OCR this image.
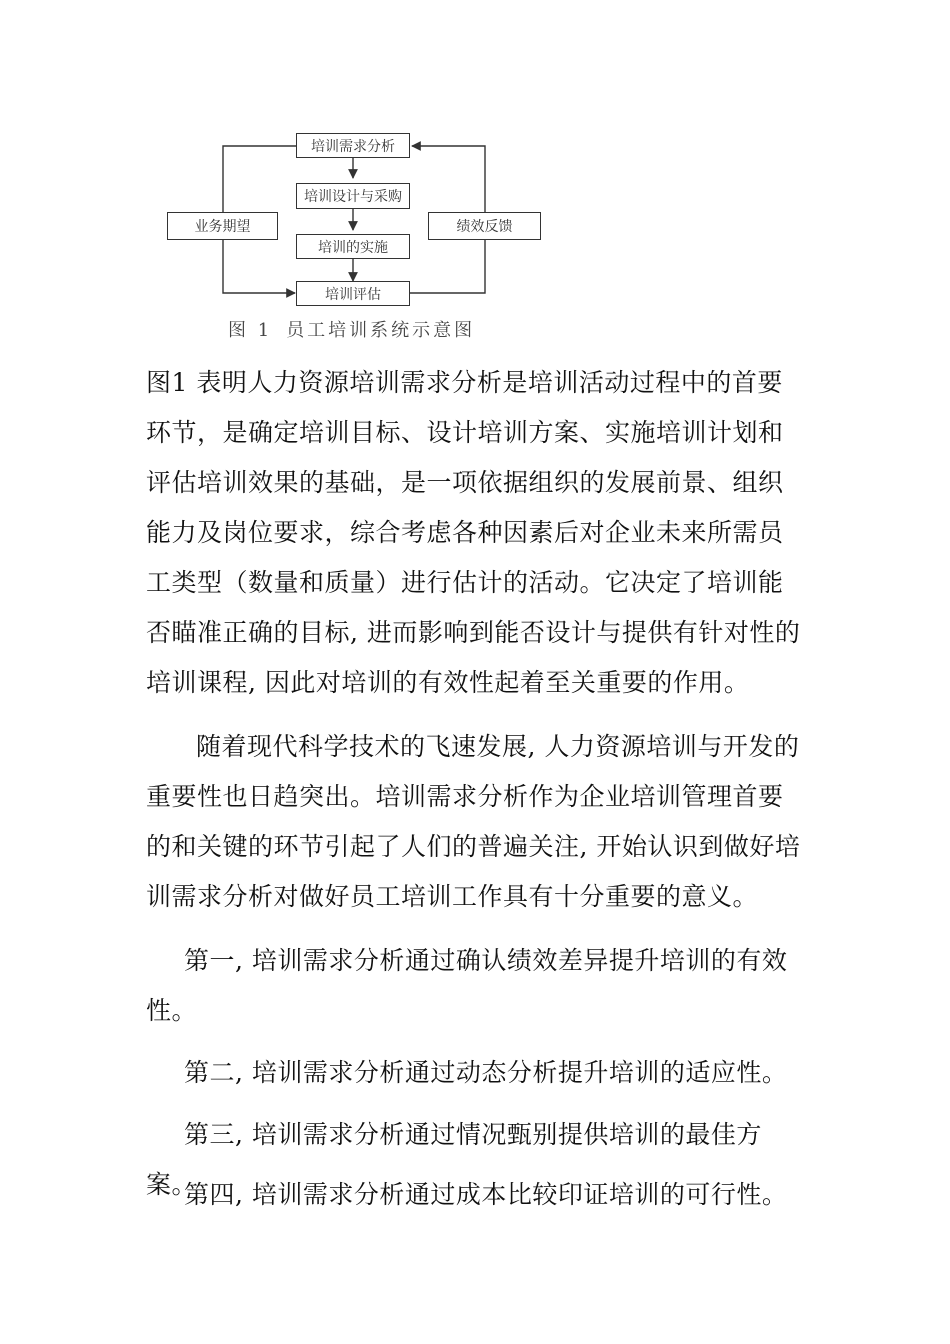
培训需求分析
培训设计与采购
培训的实施
培训评估
业务期望	绩效反馈
图 1 员工培训系统示意图

图1 表明人力资源培训需求分析是培训活动过程中的首要环节，是确定培训目标、设计培训方案、实施培训计划和评估培训效果的基础，是一项依据组织的发展前景、组织能力及岗位要求，综合考虑各种因素后对企业未来所需员工类型（数量和质量）进行估计的活动。它决定了培训能否瞄准正确的目标, 进而影响到能否设计与提供有针对性的培训课程, 因此对培训的有效性起着至关重要的作用。

随着现代科学技术的飞速发展, 人力资源培训与开发的重要性也日趋突出。培训需求分析作为企业培训管理首要的和关键的环节引起了人们的普遍关注, 开始认识到做好培训需求分析对做好员工培训工作具有十分重要的意义。

第一, 培训需求分析通过确认绩效差异提升培训的有效性。

第二, 培训需求分析通过动态分析提升培训的适应性。

第三, 培训需求分析通过情况甄别提供培训的最佳方案。

第四, 培训需求分析通过成本比较印证培训的可行性。
